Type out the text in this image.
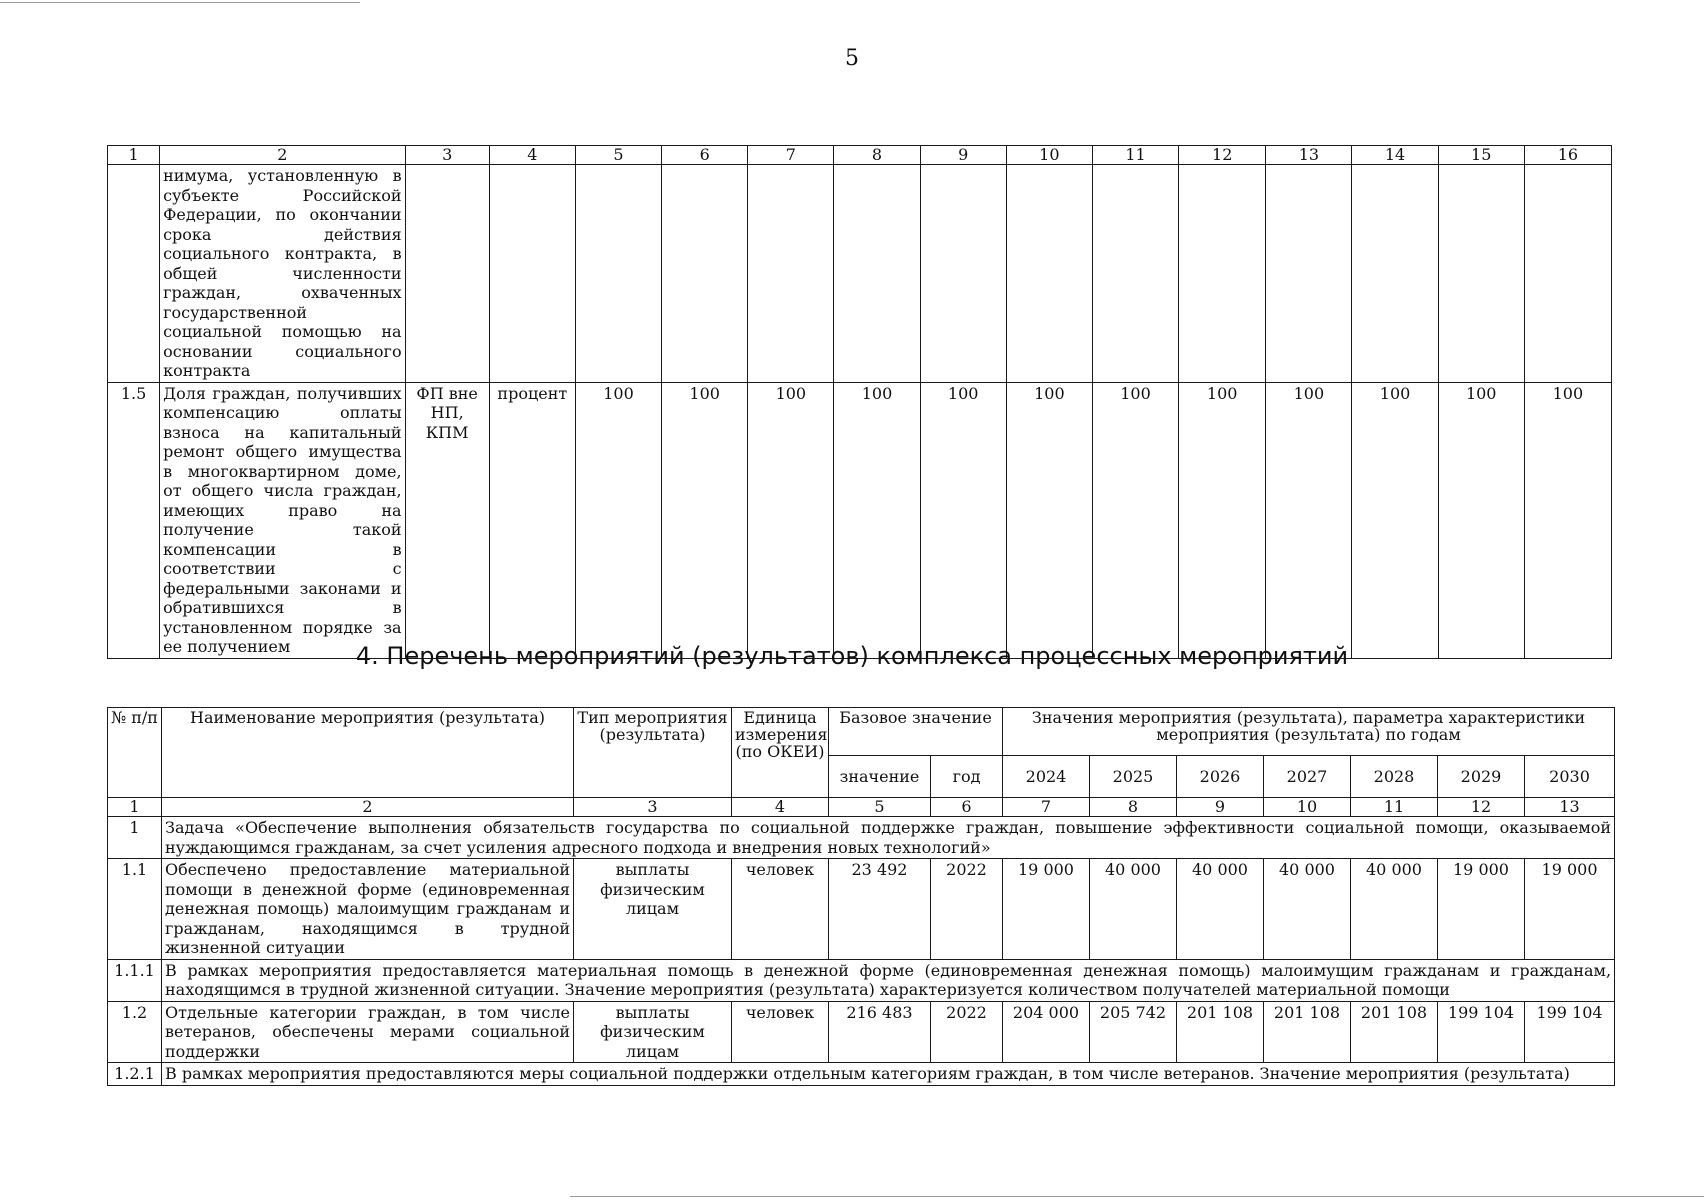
5
1	2	3	4	5	6	7	8	9	10	11	12	13	14	15	16
	нимума, установленную в субъекте Российской Федерации, по окончании срока действия социального контракта, в общей численности граждан, охваченных государственной социальной помощью на основании социального контракта														
1.5	Доля граждан, получивших компенсацию оплаты взноса на капитальный ремонт общего имущества в многоквартирном доме, от общего числа граждан, имеющих право на получение такой компенсации в соответствии с федеральными законами и обратившихся в установленном порядке за ее получением	ФП вне НП, КПМ	процент	100	100	100	100	100	100	100	100	100	100	100	100
4. Перечень мероприятий (результатов) комплекса процессных мероприятий
№ п/п	Наименование мероприятия (результата)	Тип мероприятия (результата)	Единица измерения (по ОКЕИ)	Базовое значение		Значения мероприятия (результата), параметра характеристики мероприятия (результата) по годам						
				значение	год	2024	2025	2026	2027	2028	2029	2030
1	2	3	4	5	6	7	8	9	10	11	12	13
1	Задача «Обеспечение выполнения обязательств государства по социальной поддержке граждан, повышение эффективности социальной помощи, оказываемой нуждающимся гражданам, за счет усиления адресного подхода и внедрения новых технологий»											
1.1	Обеспечено предоставление материальной помощи в денежной форме (единовременная денежная помощь) малоимущим гражданам и гражданам, находящимся в трудной жизненной ситуации	выплаты физическим лицам	человек	23 492	2022	19 000	40 000	40 000	40 000	40 000	19 000	19 000
1.1.1	В рамках мероприятия предоставляется материальная помощь в денежной форме (единовременная денежная помощь) малоимущим гражданам и гражданам, находящимся в трудной жизненной ситуации. Значение мероприятия (результата) характеризуется количеством получателей материальной помощи											
1.2	Отдельные категории граждан, в том числе ветеранов, обеспечены мерами социальной поддержки	выплаты физическим лицам	человек	216 483	2022	204 000	205 742	201 108	201 108	201 108	199 104	199 104
1.2.1	В рамках мероприятия предоставляются меры социальной поддержки отдельным категориям граждан, в том числе ветеранов. Значение мероприятия (результата)											
